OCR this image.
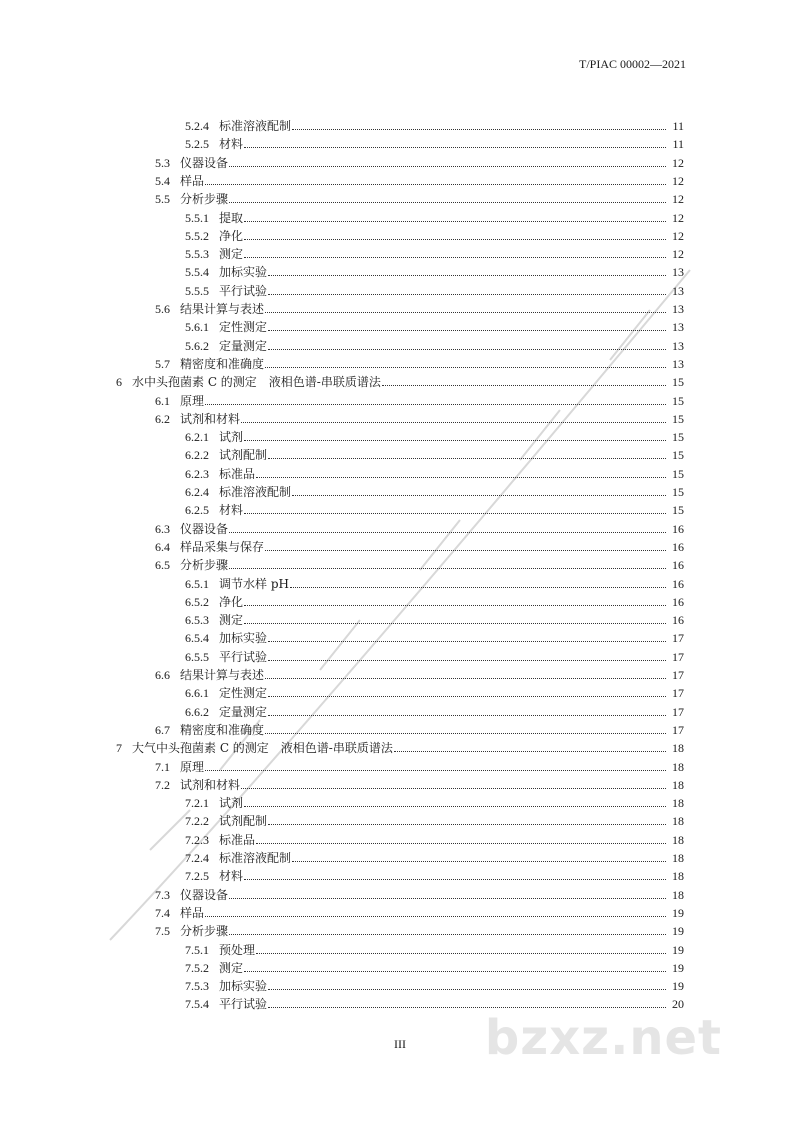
T/PIAC 00002—2021
5.2.4 标准溶液配制	11
5.2.5 材料	11
5.3 仪器设备	12
5.4 样品	12
5.5 分析步骤	12
5.5.1 提取	12
5.5.2 净化	12
5.5.3 测定	12
5.5.4 加标实验	13
5.5.5 平行试验	13
5.6 结果计算与表述	13
5.6.1 定性测定	13
5.6.2 定量测定	13
5.7 精密度和准确度	13
6 水中头孢菌素 C 的测定　液相色谱-串联质谱法	15
6.1 原理	15
6.2 试剂和材料	15
6.2.1 试剂	15
6.2.2 试剂配制	15
6.2.3 标准品	15
6.2.4 标准溶液配制	15
6.2.5 材料	15
6.3 仪器设备	16
6.4 样品采集与保存	16
6.5 分析步骤	16
6.5.1 调节水样 pH	16
6.5.2 净化	16
6.5.3 测定	16
6.5.4 加标实验	17
6.5.5 平行试验	17
6.6 结果计算与表述	17
6.6.1 定性测定	17
6.6.2 定量测定	17
6.7 精密度和准确度	17
7 大气中头孢菌素 C 的测定　液相色谱-串联质谱法	18
7.1 原理	18
7.2 试剂和材料	18
7.2.1 试剂	18
7.2.2 试剂配制	18
7.2.3 标准品	18
7.2.4 标准溶液配制	18
7.2.5 材料	18
7.3 仪器设备	18
7.4 样品	19
7.5 分析步骤	19
7.5.1 预处理	19
7.5.2 测定	19
7.5.3 加标实验	19
7.5.4 平行试验	20
III	bzxz.net
